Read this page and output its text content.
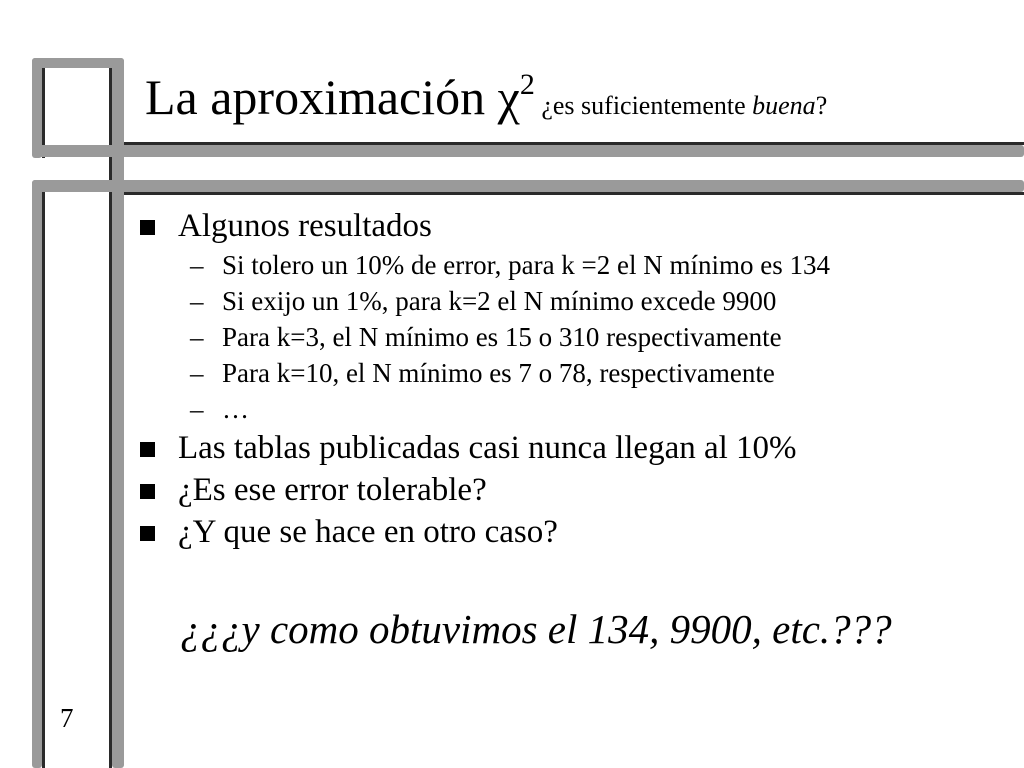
La aproximación χ2 ¿es suficientemente buena?
Algunos resultados
– Si tolero un 10% de error, para k =2 el N mínimo es 134
– Si exijo un 1%, para k=2 el N mínimo excede 9900
– Para k=3, el N mínimo es 15 o 310 respectivamente
– Para k=10, el N mínimo es 7 o 78, respectivamente
– …
Las tablas publicadas casi nunca llegan al 10%
¿Es ese error tolerable?
¿Y que se hace en otro caso?
¿¿¿y como obtuvimos el 134, 9900, etc.???
7
